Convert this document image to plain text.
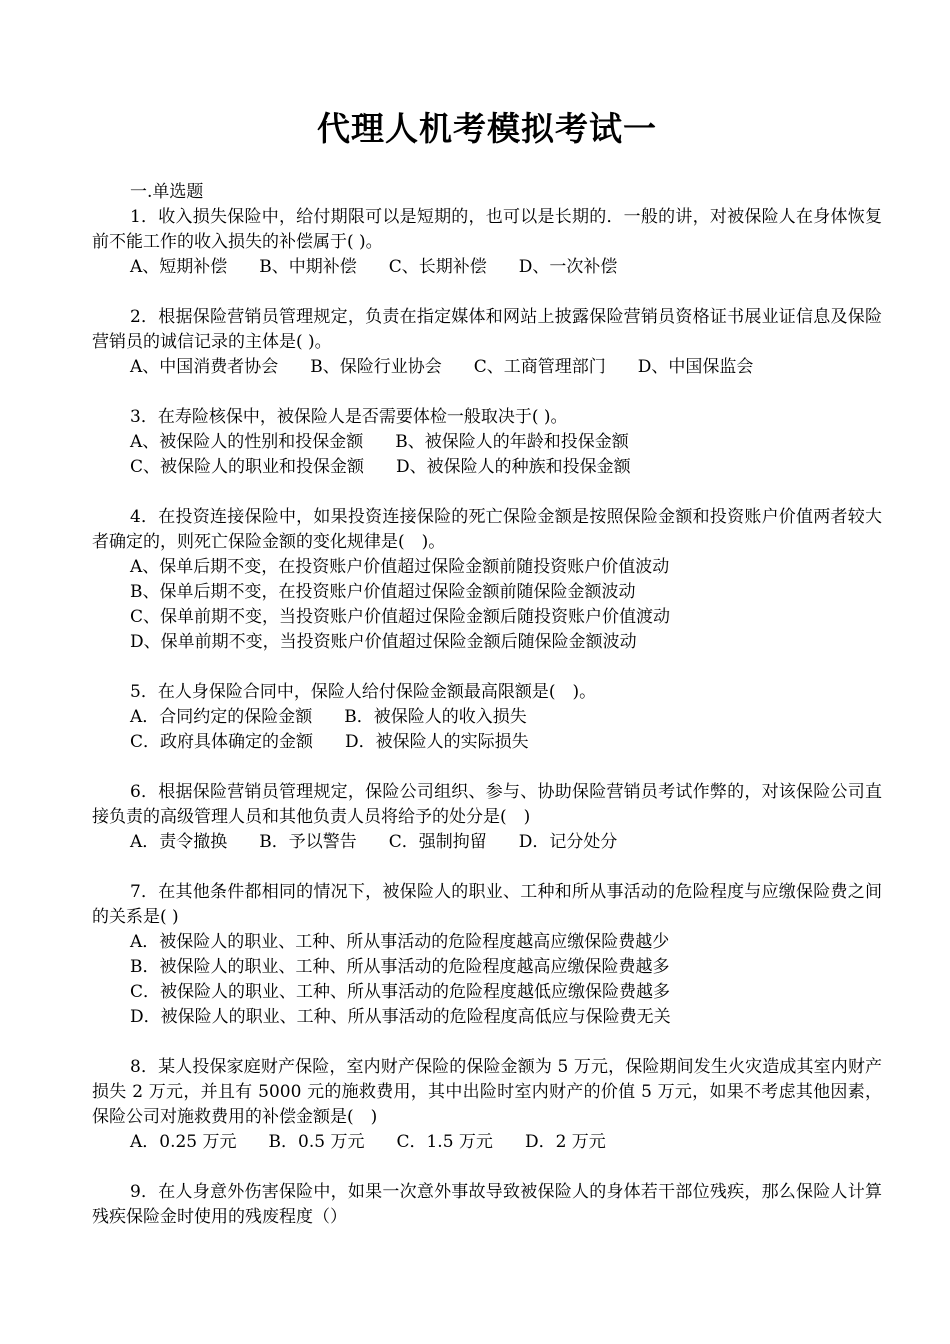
代理人机考模拟考试一
一.单选题

1．收入损失保险中，给付期限可以是短期的，也可以是长期的．一般的讲，对被保险人在身体恢复前不能工作的收入损失的补偿属于( )。

A、短期补偿 B、中期补偿 C、长期补偿 D、一次补偿

2．根据保险营销员管理规定，负责在指定媒体和网站上披露保险营销员资格证书展业证信息及保险营销员的诚信记录的主体是( )。

A、中国消费者协会 B、保险行业协会 C、工商管理部门 D、中国保监会

3．在寿险核保中，被保险人是否需要体检一般取决于( )。

A、被保险人的性别和投保金额 B、被保险人的年龄和投保金额
C、被保险人的职业和投保金额 D、被保险人的种族和投保金额

4．在投资连接保险中，如果投资连接保险的死亡保险金额是按照保险金额和投资账户价值两者较大者确定的，则死亡保险金额的变化规律是(　)。

A、保单后期不变，在投资账户价值超过保险金额前随投资账户价值波动
B、保单后期不变，在投资账户价值超过保险金额前随保险金额波动
C、保单前期不变，当投资账户价值超过保险金额后随投资账户价值渡动
D、保单前期不变，当投资账户价值超过保险金额后随保险金额波动

5．在人身保险合同中，保险人给付保险金额最高限额是(　)。

A．合同约定的保险金额 B．被保险人的收入损失
C．政府具体确定的金额 D．被保险人的实际损失

6．根据保险营销员管理规定，保险公司组织、参与、协助保险营销员考试作弊的，对该保险公司直接负责的高级管理人员和其他负责人员将给予的处分是(　)

A．责令撤换 B．予以警告 C．强制拘留 D．记分处分

7．在其他条件都相同的情况下，被保险人的职业、工种和所从事活动的危险程度与应缴保险费之间的关系是( )

A．被保险人的职业、工种、所从事活动的危险程度越高应缴保险费越少
B．被保险人的职业、工种、所从事活动的危险程度越高应缴保险费越多
C．被保险人的职业、工种、所从事活动的危险程度越低应缴保险费越多
D．被保险人的职业、工种、所从事活动的危险程度高低应与保险费无关

8．某人投保家庭财产保险，室内财产保险的保险金额为 5 万元，保险期间发生火灾造成其室内财产损失 2 万元，并且有 5000 元的施救费用，其中出险时室内财产的价值 5 万元，如果不考虑其他因素，保险公司对施救费用的补偿金额是(　)

A．0.25 万元 B．0.5 万元 C．1.5 万元 D．2 万元

9．在人身意外伤害保险中，如果一次意外事故导致被保险人的身体若干部位残疾，那么保险人计算残疾保险金时使用的残废程度（）
